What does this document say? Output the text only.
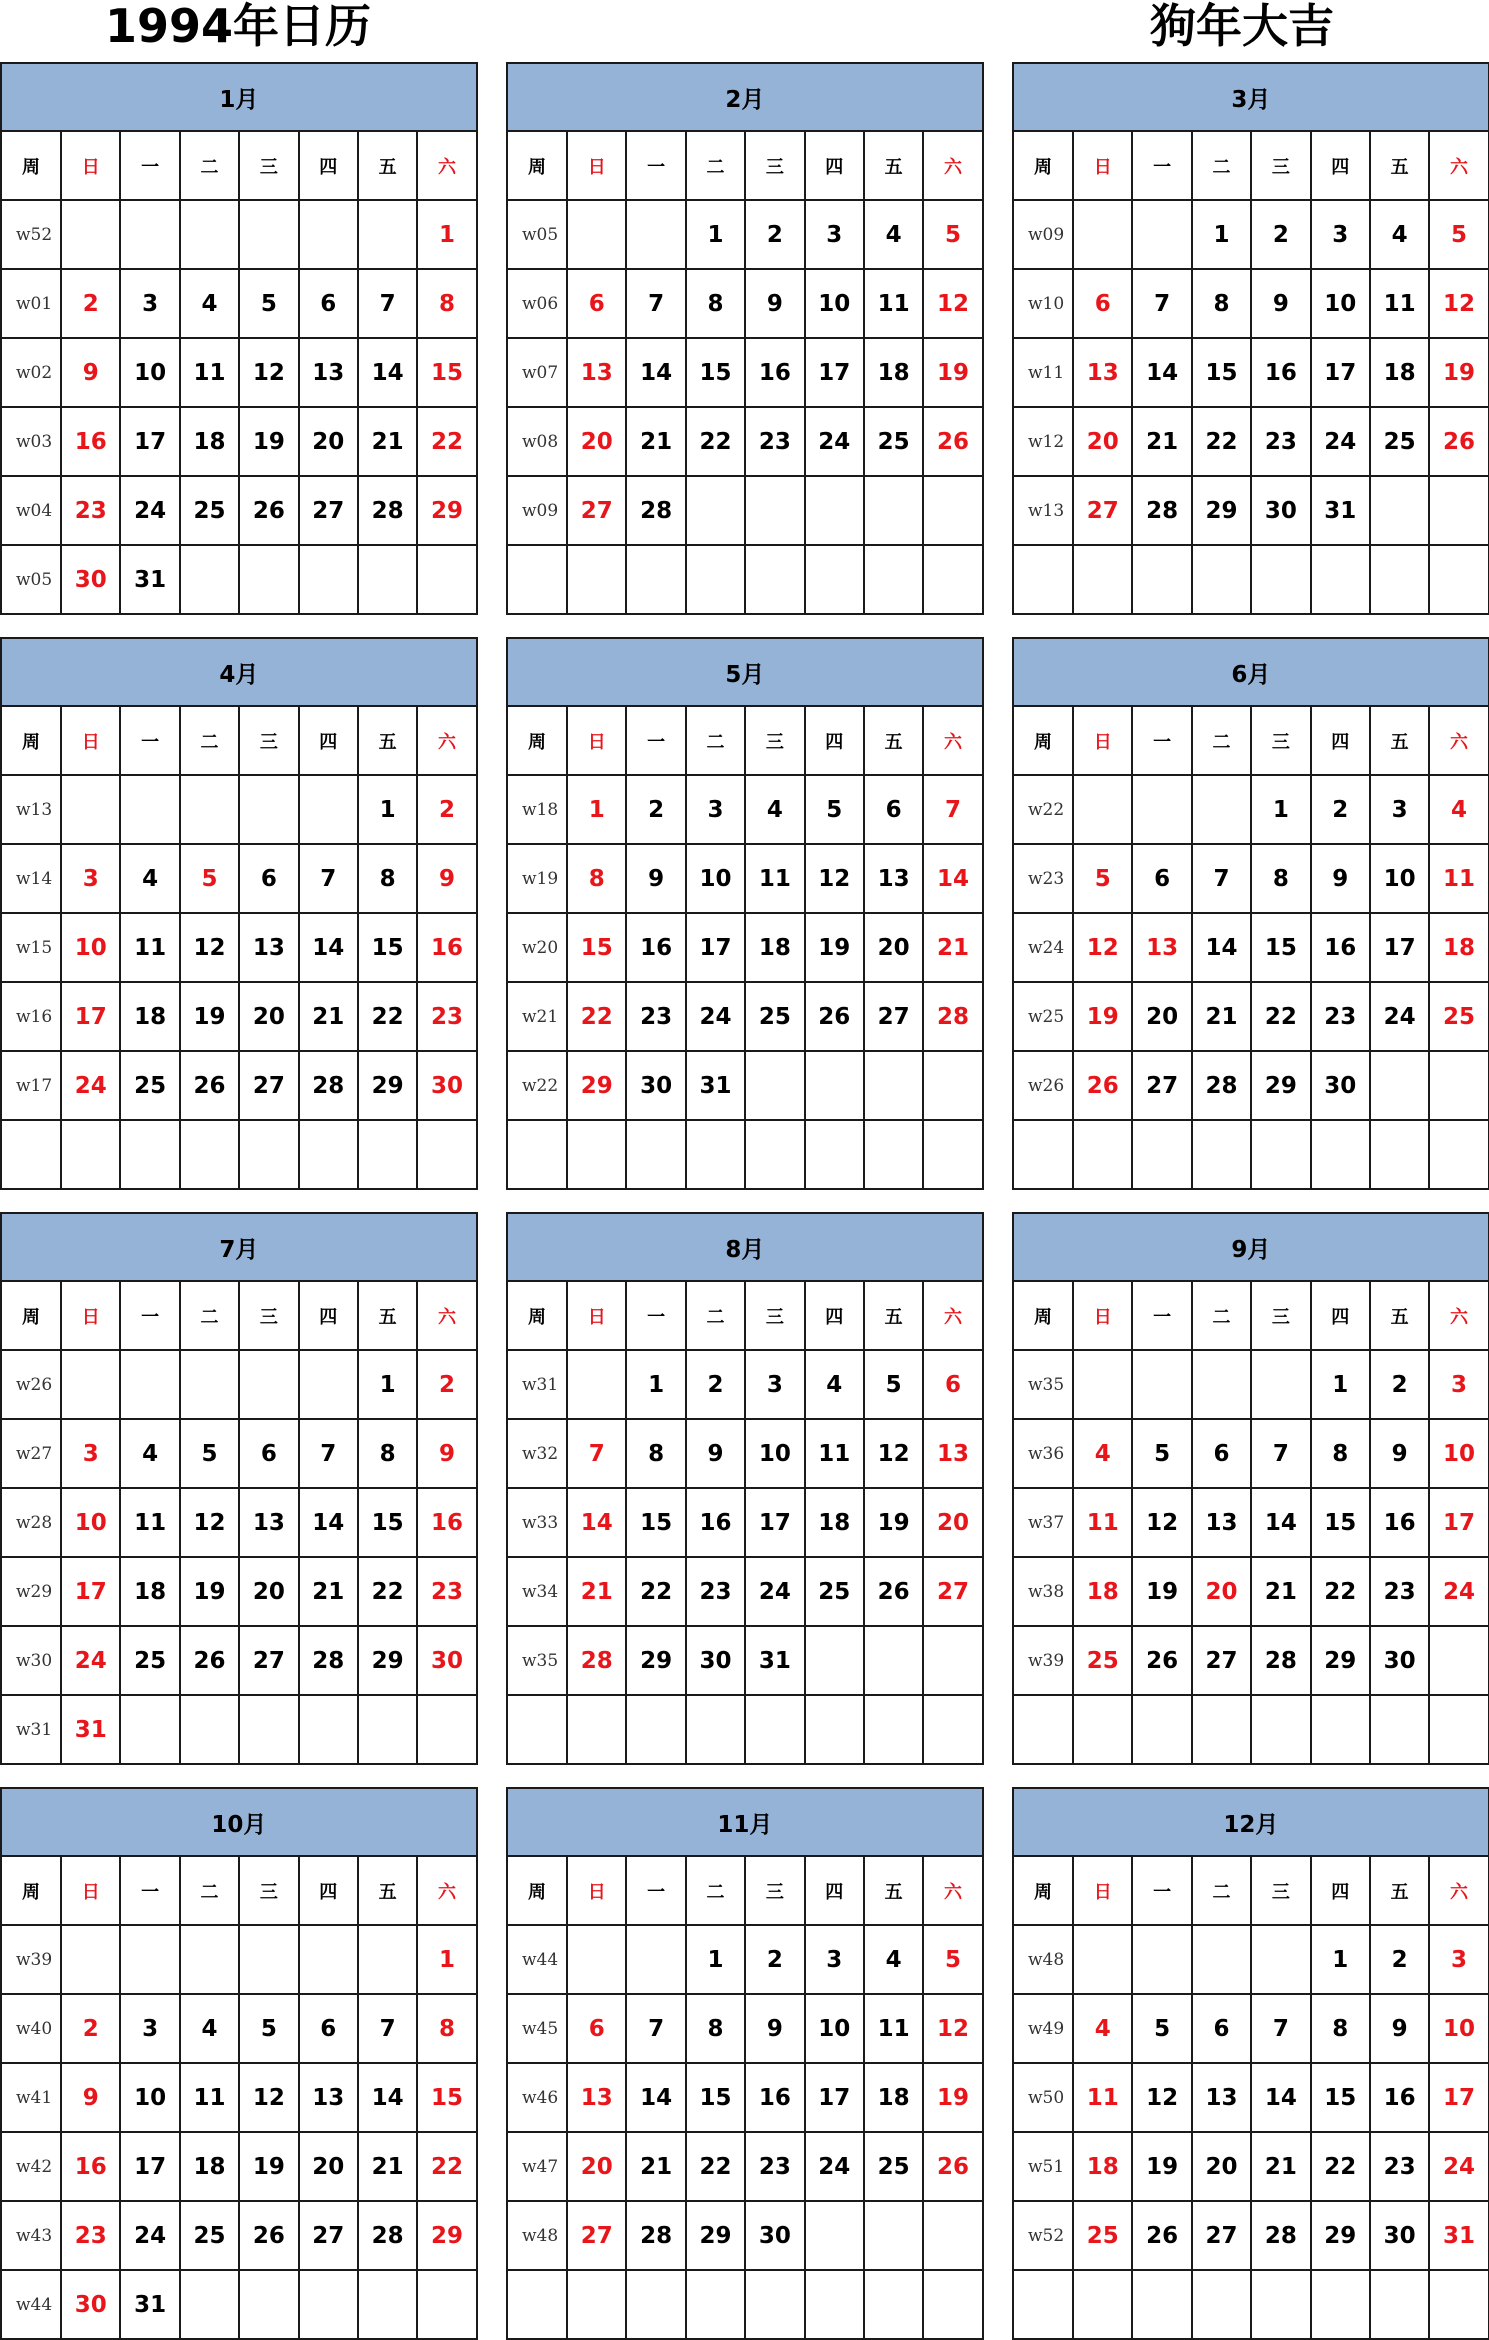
1994年日历	狗年大吉
1月							
周	日	一	二	三	四	五	六
w52							1
w01	2	3	4	5	6	7	8
w02	9	10	11	12	13	14	15
w03	16	17	18	19	20	21	22
w04	23	24	25	26	27	28	29
w05	30	31					
2月							
周	日	一	二	三	四	五	六
w05			1	2	3	4	5
w06	6	7	8	9	10	11	12
w07	13	14	15	16	17	18	19
w08	20	21	22	23	24	25	26
w09	27	28					

3月							
周	日	一	二	三	四	五	六
w09			1	2	3	4	5
w10	6	7	8	9	10	11	12
w11	13	14	15	16	17	18	19
w12	20	21	22	23	24	25	26
w13	27	28	29	30	31		

4月							
周	日	一	二	三	四	五	六
w13						1	2
w14	3	4	5	6	7	8	9
w15	10	11	12	13	14	15	16
w16	17	18	19	20	21	22	23
w17	24	25	26	27	28	29	30

5月							
周	日	一	二	三	四	五	六
w18	1	2	3	4	5	6	7
w19	8	9	10	11	12	13	14
w20	15	16	17	18	19	20	21
w21	22	23	24	25	26	27	28
w22	29	30	31				

6月							
周	日	一	二	三	四	五	六
w22				1	2	3	4
w23	5	6	7	8	9	10	11
w24	12	13	14	15	16	17	18
w25	19	20	21	22	23	24	25
w26	26	27	28	29	30		

7月							
周	日	一	二	三	四	五	六
w26						1	2
w27	3	4	5	6	7	8	9
w28	10	11	12	13	14	15	16
w29	17	18	19	20	21	22	23
w30	24	25	26	27	28	29	30
w31	31						
8月							
周	日	一	二	三	四	五	六
w31		1	2	3	4	5	6
w32	7	8	9	10	11	12	13
w33	14	15	16	17	18	19	20
w34	21	22	23	24	25	26	27
w35	28	29	30	31			

9月							
周	日	一	二	三	四	五	六
w35					1	2	3
w36	4	5	6	7	8	9	10
w37	11	12	13	14	15	16	17
w38	18	19	20	21	22	23	24
w39	25	26	27	28	29	30	

10月							
周	日	一	二	三	四	五	六
w39							1
w40	2	3	4	5	6	7	8
w41	9	10	11	12	13	14	15
w42	16	17	18	19	20	21	22
w43	23	24	25	26	27	28	29
w44	30	31					
11月							
周	日	一	二	三	四	五	六
w44			1	2	3	4	5
w45	6	7	8	9	10	11	12
w46	13	14	15	16	17	18	19
w47	20	21	22	23	24	25	26
w48	27	28	29	30			

12月							
周	日	一	二	三	四	五	六
w48					1	2	3
w49	4	5	6	7	8	9	10
w50	11	12	13	14	15	16	17
w51	18	19	20	21	22	23	24
w52	25	26	27	28	29	30	31
